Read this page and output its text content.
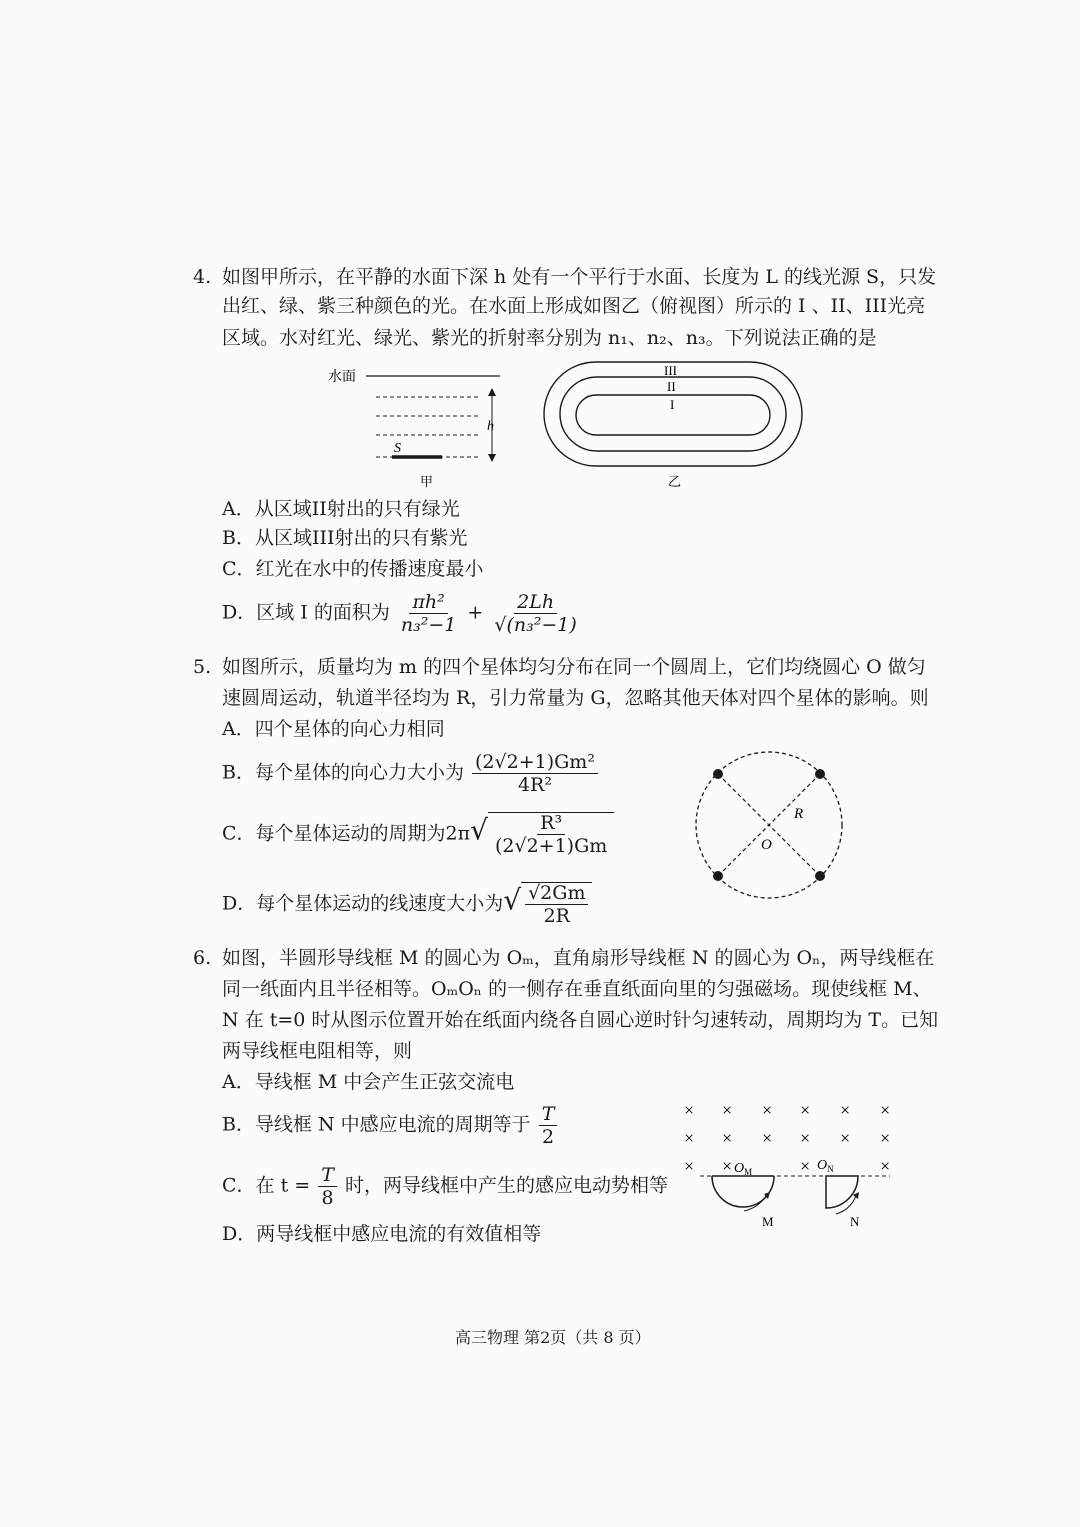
4. 如图甲所示，在平静的水面下深 h 处有一个平行于水面、长度为 L 的线光源 S，只发
出红、绿、紫三种颜色的光。在水面上形成如图乙（俯视图）所示的 I 、II、III光亮
区域。水对红光、绿光、紫光的折射率分别为 n₁、n₂、n₃。下列说法正确的是
水面
S
h
甲
III
II
I
乙
A．从区域II射出的只有绿光
B．从区域III射出的只有紫光
C．红光在水中的传播速度最小
D．区域 I 的面积为 $\frac{\text{πh²}}{\text{n₃²−1}} + \frac{2Lh}{\text{√(n₃²−1)}}$
5. 如图所示，质量均为 m 的四个星体均匀分布在同一个圆周上，它们均绕圆心 O 做匀
速圆周运动，轨道半径均为 R，引力常量为 G，忽略其他天体对四个星体的影响。则
A．四个星体的向心力相同
B．每个星体的向心力大小为 $\frac{\text{(2√2+1)Gm²}}{\text{4R²}}$
C．每个星体运动的周期为$2\pi√ \frac{\text{R³}}{(2√2+1)Gm}$
D．每个星体运动的线速度大小为√ $\frac{√2Gm}{2R}$
R
O
6. 如图，半圆形导线框 M 的圆心为 Oₘ，直角扇形导线框 N 的圆心为 Oₙ，两导线框在
同一纸面内且半径相等。OₘOₙ 的一侧存在垂直纸面向里的匀强磁场。现使线框 M、
N 在 t=0 时从图示位置开始在纸面内绕各自圆心逆时针匀速转动，周期均为 T。已知
两导线框电阻相等，则
A．导线框 M 中会产生正弦交流电
B．导线框 N 中感应电流的周期等于 $\frac{T}{2}$
C．在 $t = \frac{T}{8}$ 时，两导线框中产生的感应电动势相等
D．两导线框中感应电流的有效值相等
× × × × × ×
× × × × × ×
× ×	×	×
$O_M$	$O_N$
M	N
高三物理 第2页（共 8 页）
